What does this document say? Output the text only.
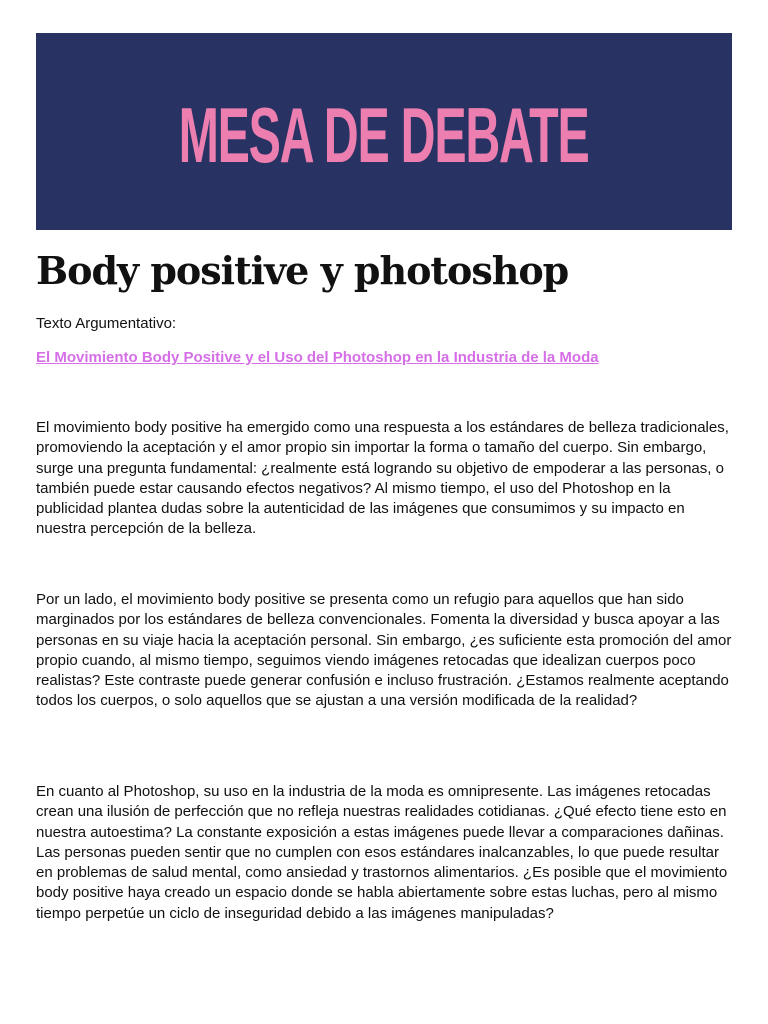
MESA DE DEBATE
Body positive y photoshop

Texto Argumentativo:

El Movimiento Body Positive y el Uso del Photoshop en la Industria de la Moda

El movimiento body positive ha emergido como una respuesta a los estándares de belleza tradicionales, promoviendo la aceptación y el amor propio sin importar la forma o tamaño del cuerpo. Sin embargo, surge una pregunta fundamental: ¿realmente está logrando su objetivo de empoderar a las personas, o también puede estar causando efectos negativos? Al mismo tiempo, el uso del Photoshop en la publicidad plantea dudas sobre la autenticidad de las imágenes que consumimos y su impacto en nuestra percepción de la belleza.

Por un lado, el movimiento body positive se presenta como un refugio para aquellos que han sido marginados por los estándares de belleza convencionales. Fomenta la diversidad y busca apoyar a las personas en su viaje hacia la aceptación personal. Sin embargo, ¿es suficiente esta promoción del amor propio cuando, al mismo tiempo, seguimos viendo imágenes retocadas que idealizan cuerpos poco realistas? Este contraste puede generar confusión e incluso frustración. ¿Estamos realmente aceptando todos los cuerpos, o solo aquellos que se ajustan a una versión modificada de la realidad?

En cuanto al Photoshop, su uso en la industria de la moda es omnipresente. Las imágenes retocadas crean una ilusión de perfección que no refleja nuestras realidades cotidianas. ¿Qué efecto tiene esto en nuestra autoestima? La constante exposición a estas imágenes puede llevar a comparaciones dañinas. Las personas pueden sentir que no cumplen con esos estándares inalcanzables, lo que puede resultar en problemas de salud mental, como ansiedad y trastornos alimentarios. ¿Es posible que el movimiento body positive haya creado un espacio donde se habla abiertamente sobre estas luchas, pero al mismo tiempo perpetúe un ciclo de inseguridad debido a las imágenes manipuladas?
